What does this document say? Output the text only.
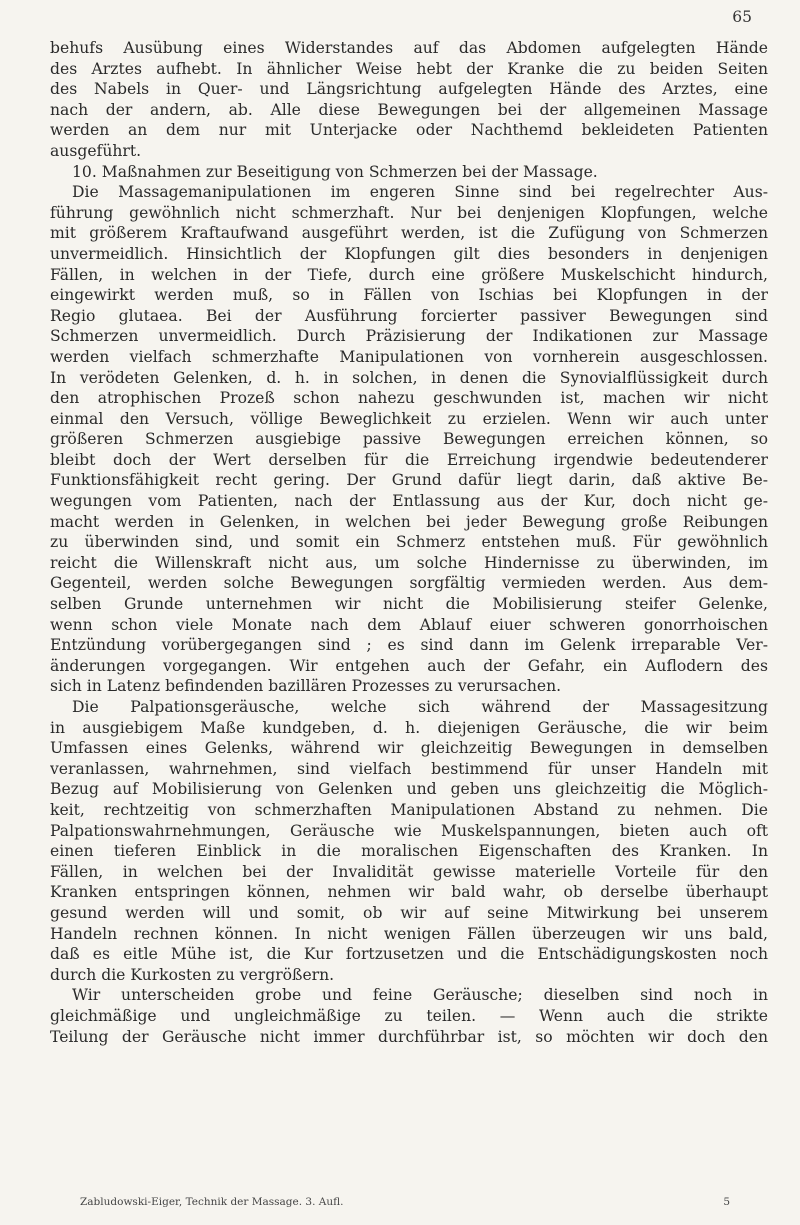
65
behufs Ausübung eines Widerstandes auf das Abdomen aufgelegten Hände
des Arztes aufhebt. In ähnlicher Weise hebt der Kranke die zu beiden Seiten
des Nabels in Quer- und Längsrichtung aufgelegten Hände des Arztes, eine
nach der andern, ab. Alle diese Bewegungen bei der allgemeinen Massage
werden an dem nur mit Unterjacke oder Nachthemd bekleideten Patienten
ausgeführt.
10. Maßnahmen zur Beseitigung von Schmerzen bei der Massage.
Die Massagemanipulationen im engeren Sinne sind bei regelrechter Aus-
führung gewöhnlich nicht schmerzhaft. Nur bei denjenigen Klopfungen, welche
mit größerem Kraftaufwand ausgeführt werden, ist die Zufügung von Schmerzen
unvermeidlich. Hinsichtlich der Klopfungen gilt dies besonders in denjenigen
Fällen, in welchen in der Tiefe, durch eine größere Muskelschicht hindurch,
eingewirkt werden muß, so in Fällen von Ischias bei Klopfungen in der
Regio glutaea. Bei der Ausführung forcierter passiver Bewegungen sind
Schmerzen unvermeidlich. Durch Präzisierung der Indikationen zur Massage
werden vielfach schmerzhafte Manipulationen von vornherein ausgeschlossen.
In verödeten Gelenken, d. h. in solchen, in denen die Synovialflüssigkeit durch
den atrophischen Prozeß schon nahezu geschwunden ist, machen wir nicht
einmal den Versuch, völlige Beweglichkeit zu erzielen. Wenn wir auch unter
größeren Schmerzen ausgiebige passive Bewegungen erreichen können, so
bleibt doch der Wert derselben für die Erreichung irgendwie bedeutenderer
Funktionsfähigkeit recht gering. Der Grund dafür liegt darin, daß aktive Be-
wegungen vom Patienten, nach der Entlassung aus der Kur, doch nicht ge-
macht werden in Gelenken, in welchen bei jeder Bewegung große Reibungen
zu überwinden sind, und somit ein Schmerz entstehen muß. Für gewöhnlich
reicht die Willenskraft nicht aus, um solche Hindernisse zu überwinden, im
Gegenteil, werden solche Bewegungen sorgfältig vermieden werden. Aus dem-
selben Grunde unternehmen wir nicht die Mobilisierung steifer Gelenke,
wenn schon viele Monate nach dem Ablauf eiuer schweren gonorrhoischen
Entzündung vorübergegangen sind ; es sind dann im Gelenk irreparable Ver-
änderungen vorgegangen. Wir entgehen auch der Gefahr, ein Auflodern des
sich in Latenz befindenden bazillären Prozesses zu verursachen.
Die Palpationsgeräusche, welche sich während der Massagesitzung
in ausgiebigem Maße kundgeben, d. h. diejenigen Geräusche, die wir beim
Umfassen eines Gelenks, während wir gleichzeitig Bewegungen in demselben
veranlassen, wahrnehmen, sind vielfach bestimmend für unser Handeln mit
Bezug auf Mobilisierung von Gelenken und geben uns gleichzeitig die Möglich-
keit, rechtzeitig von schmerzhaften Manipulationen Abstand zu nehmen. Die
Palpationswahrnehmungen, Geräusche wie Muskelspannungen, bieten auch oft
einen tieferen Einblick in die moralischen Eigenschaften des Kranken. In
Fällen, in welchen bei der Invalidität gewisse materielle Vorteile für den
Kranken entspringen können, nehmen wir bald wahr, ob derselbe überhaupt
gesund werden will und somit, ob wir auf seine Mitwirkung bei unserem
Handeln rechnen können. In nicht wenigen Fällen überzeugen wir uns bald,
daß es eitle Mühe ist, die Kur fortzusetzen und die Entschädigungskosten noch
durch die Kurkosten zu vergrößern.
Wir unterscheiden grobe und feine Geräusche; dieselben sind noch in
gleichmäßige und ungleichmäßige zu teilen. — Wenn auch die strikte
Teilung der Geräusche nicht immer durchführbar ist, so möchten wir doch den
Zabludowski-Eiger, Technik der Massage. 3. Aufl.	5
